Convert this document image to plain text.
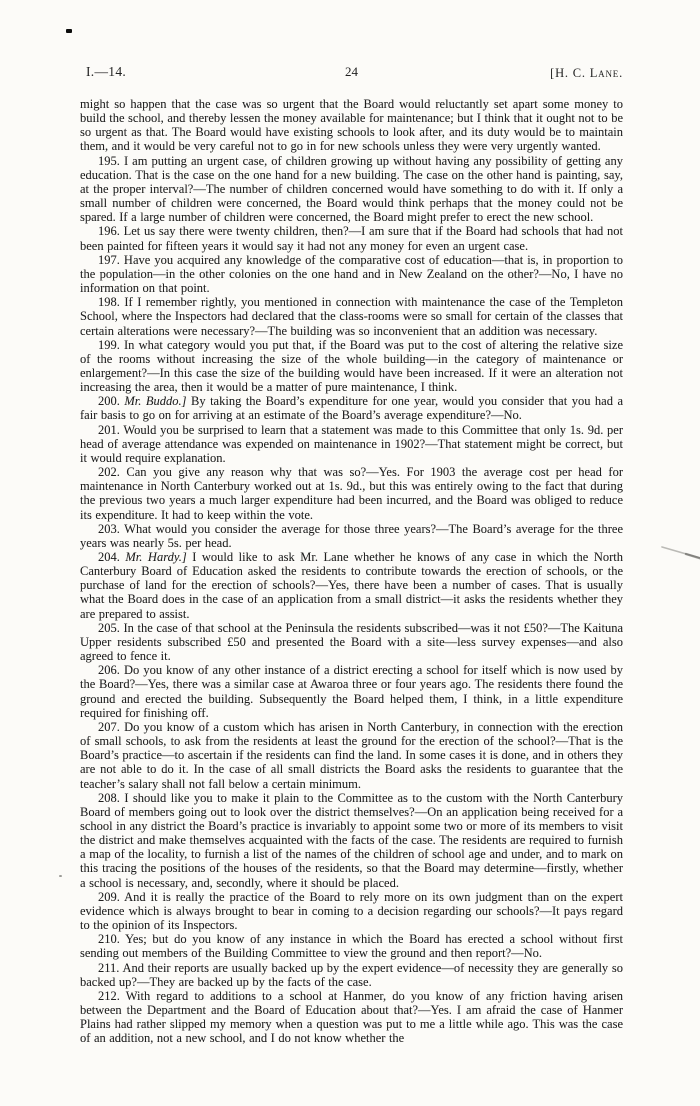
I.—14.	24	[H. C. Lane.

might so happen that the case was so urgent that the Board would reluctantly set apart some money to build the school, and thereby lessen the money available for maintenance; but I think that it ought not to be so urgent as that. The Board would have existing schools to look after, and its duty would be to maintain them, and it would be very careful not to go in for new schools unless they were very urgently wanted.

195. I am putting an urgent case, of children growing up without having any possibility of getting any education. That is the case on the one hand for a new building. The case on the other hand is painting, say, at the proper interval?—The number of children concerned would have something to do with it. If only a small number of children were concerned, the Board would think perhaps that the money could not be spared. If a large number of children were concerned, the Board might prefer to erect the new school.

196. Let us say there were twenty children, then?—I am sure that if the Board had schools that had not been painted for fifteen years it would say it had not any money for even an urgent case.

197. Have you acquired any knowledge of the comparative cost of education—that is, in proportion to the population—in the other colonies on the one hand and in New Zealand on the other?—No, I have no information on that point.

198. If I remember rightly, you mentioned in connection with maintenance the case of the Templeton School, where the Inspectors had declared that the class-rooms were so small for certain of the classes that certain alterations were necessary?—The building was so inconvenient that an addition was necessary.

199. In what category would you put that, if the Board was put to the cost of altering the relative size of the rooms without increasing the size of the whole building—in the category of maintenance or enlargement?—In this case the size of the building would have been increased. If it were an alteration not increasing the area, then it would be a matter of pure maintenance, I think.

200. Mr. Buddo.] By taking the Board’s expenditure for one year, would you consider that you had a fair basis to go on for arriving at an estimate of the Board’s average expenditure?—No.

201. Would you be surprised to learn that a statement was made to this Committee that only 1s. 9d. per head of average attendance was expended on maintenance in 1902?—That statement might be correct, but it would require explanation.

202. Can you give any reason why that was so?—Yes. For 1903 the average cost per head for maintenance in North Canterbury worked out at 1s. 9d., but this was entirely owing to the fact that during the previous two years a much larger expenditure had been incurred, and the Board was obliged to reduce its expenditure. It had to keep within the vote.

203. What would you consider the average for those three years?—The Board’s average for the three years was nearly 5s. per head.

204. Mr. Hardy.] I would like to ask Mr. Lane whether he knows of any case in which the North Canterbury Board of Education asked the residents to contribute towards the erection of schools, or the purchase of land for the erection of schools?—Yes, there have been a number of cases. That is usually what the Board does in the case of an application from a small district—it asks the residents whether they are prepared to assist.

205. In the case of that school at the Peninsula the residents subscribed—was it not £50?—The Kaituna Upper residents subscribed £50 and presented the Board with a site—less survey expenses—and also agreed to fence it.

206. Do you know of any other instance of a district erecting a school for itself which is now used by the Board?—Yes, there was a similar case at Awaroa three or four years ago. The residents there found the ground and erected the building. Subsequently the Board helped them, I think, in a little expenditure required for finishing off.

207. Do you know of a custom which has arisen in North Canterbury, in connection with the erection of small schools, to ask from the residents at least the ground for the erection of the school?—That is the Board’s practice—to ascertain if the residents can find the land. In some cases it is done, and in others they are not able to do it. In the case of all small districts the Board asks the residents to guarantee that the teacher’s salary shall not fall below a certain minimum.

208. I should like you to make it plain to the Committee as to the custom with the North Canterbury Board of members going out to look over the district themselves?—On an application being received for a school in any district the Board’s practice is invariably to appoint some two or more of its members to visit the district and make themselves acquainted with the facts of the case. The residents are required to furnish a map of the locality, to furnish a list of the names of the children of school age and under, and to mark on this tracing the positions of the houses of the residents, so that the Board may determine—firstly, whether a school is necessary, and, secondly, where it should be placed.

209. And it is really the practice of the Board to rely more on its own judgment than on the expert evidence which is always brought to bear in coming to a decision regarding our schools?—It pays regard to the opinion of its Inspectors.

210. Yes; but do you know of any instance in which the Board has erected a school without first sending out members of the Building Committee to view the ground and then report?—No.

211. And their reports are usually backed up by the expert evidence—of necessity they are generally so backed up?—They are backed up by the facts of the case.

212. With regard to additions to a school at Hanmer, do you know of any friction having arisen between the Department and the Board of Education about that?—Yes. I am afraid the case of Hanmer Plains had rather slipped my memory when a question was put to me a little while ago. This was the case of an addition, not a new school, and I do not know whether the
